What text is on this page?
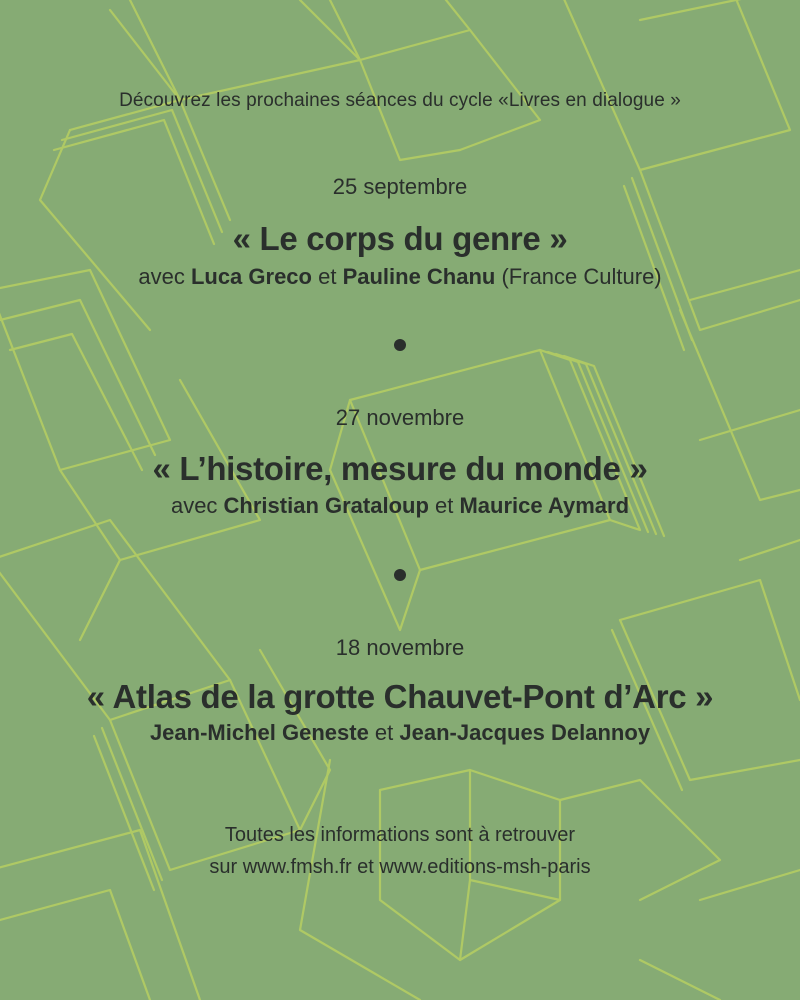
Découvrez les prochaines séances du cycle «Livres en dialogue »
25 septembre
« Le corps du genre »
avec Luca Greco et Pauline Chanu (France Culture)
27 novembre
« L’histoire, mesure du monde »
avec Christian Grataloup et Maurice Aymard
18 novembre
« Atlas de la grotte Chauvet-Pont d’Arc »
Jean-Michel Geneste et Jean-Jacques Delannoy
Toutes les informations sont à retrouver
sur www.fmsh.fr et www.editions-msh-paris
